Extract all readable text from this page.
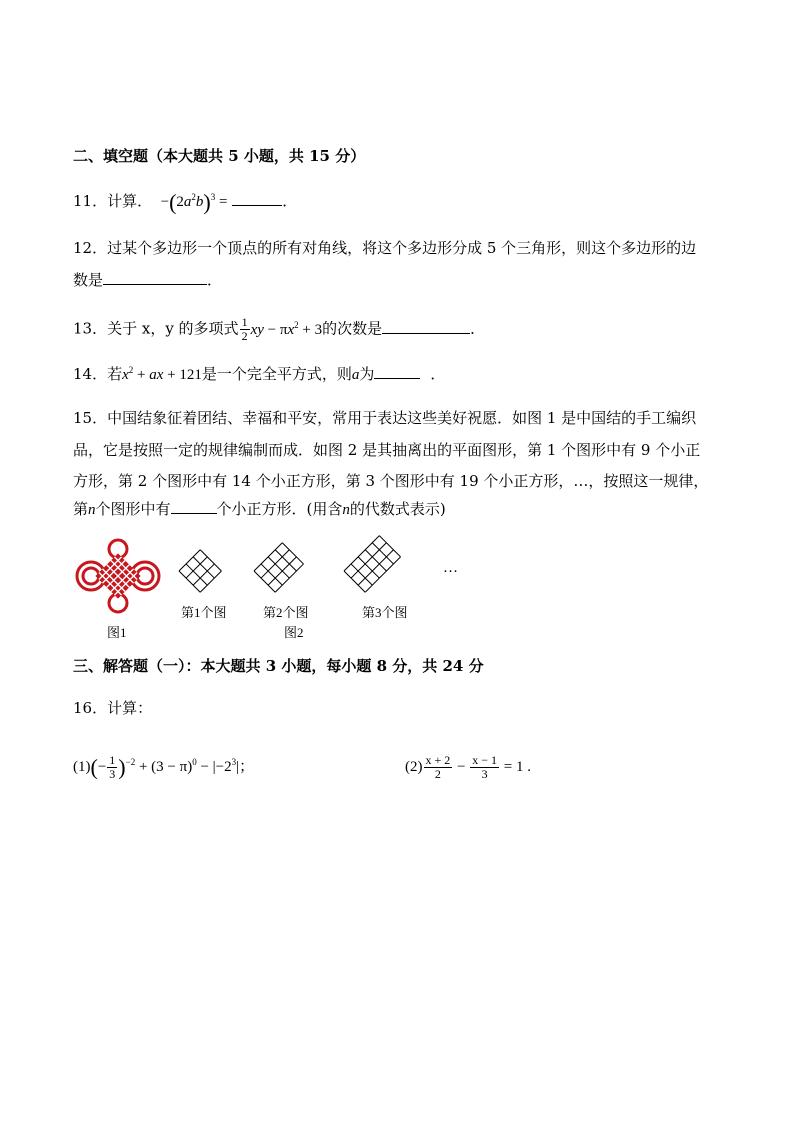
二、填空题（本大题共 5 小题，共 15 分）
11．计算．  $-(2a^2b)^3$ =	．
12．过某个多边形一个顶点的所有对角线，将这个多边形分成 5 个三角形，则这个多边形的边
数是	．
13．关于 x，y 的多项式 $\frac{1}{2}$ xy − $\pi x^2 + 3$的次数是	．
14．若$x^2$ + ax + 121是一个完全平方式，则a为	．
15．中国结象征着团结、幸福和平安，常用于表达这些美好祝愿．如图 1 是中国结的手工编织
品，它是按照一定的规律编制而成．如图 2 是其抽离出的平面图形，第 1 个图形中有 9 个小正
方形，第 2 个图形中有 14 个小正方形，第 3 个图形中有 19 个小正方形，…，按照这一规律，
第n个图形中有	个小正方形．(用含n的代数式表示)
图1
…
第1个图	第2个图	第3个图
图2
三、解答题（一）：本大题共 3 小题，每小题 8 分，共 24 分
16．计算：
$(1)(- \frac{1}{3} )^{-2} + (3 - \pi)^0 - |-2^3|$；	$(2) \frac{x + 2}{2} - \frac{x - 1}{3} = 1$ .
